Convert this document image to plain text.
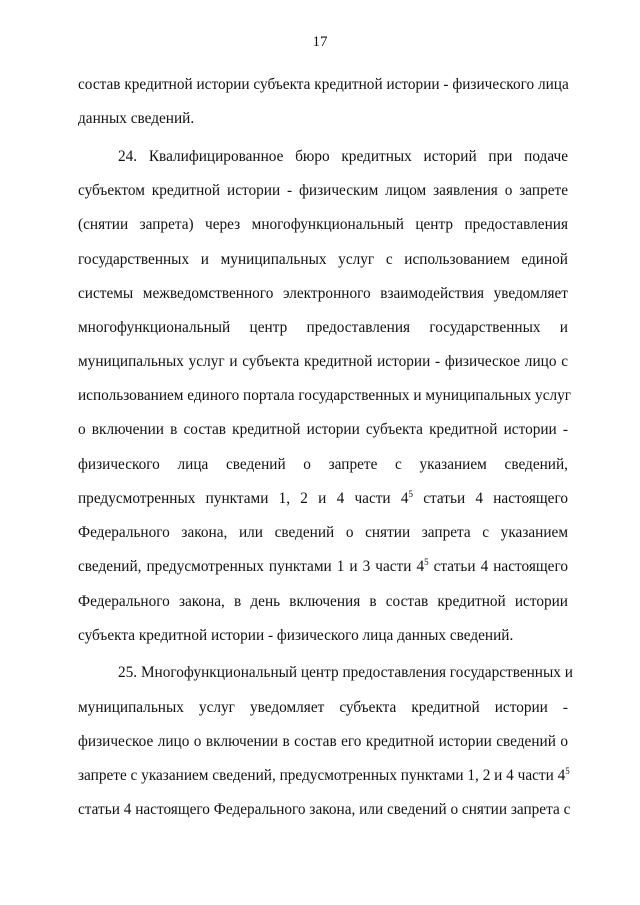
17
состав кредитной истории субъекта кредитной истории - физического лица
данных сведений.
24. Квалифицированное бюро кредитных историй при подаче
субъектом кредитной истории - физическим лицом заявления о запрете
(снятии запрета) через многофункциональный центр предоставления
государственных и муниципальных услуг с использованием единой
системы межведомственного электронного взаимодействия уведомляет
многофункциональный центр предоставления государственных и
муниципальных услуг и субъекта кредитной истории - физическое лицо с
использованием единого портала государственных и муниципальных услуг
о включении в состав кредитной истории субъекта кредитной истории -
физического лица сведений о запрете с указанием сведений,
предусмотренных пунктами 1, 2 и 4 части $4^5$ статьи 4 настоящего
Федерального закона, или сведений о снятии запрета с указанием
сведений, предусмотренных пунктами 1 и 3 части $4^5$ статьи 4 настоящего
Федерального закона, в день включения в состав кредитной истории
субъекта кредитной истории - физического лица данных сведений.
25. Многофункциональный центр предоставления государственных и
муниципальных услуг уведомляет субъекта кредитной истории -
физическое лицо о включении в состав его кредитной истории сведений о
запрете с указанием сведений, предусмотренных пунктами 1, 2 и 4 части $4^5$
статьи 4 настоящего Федерального закона, или сведений о снятии запрета с
